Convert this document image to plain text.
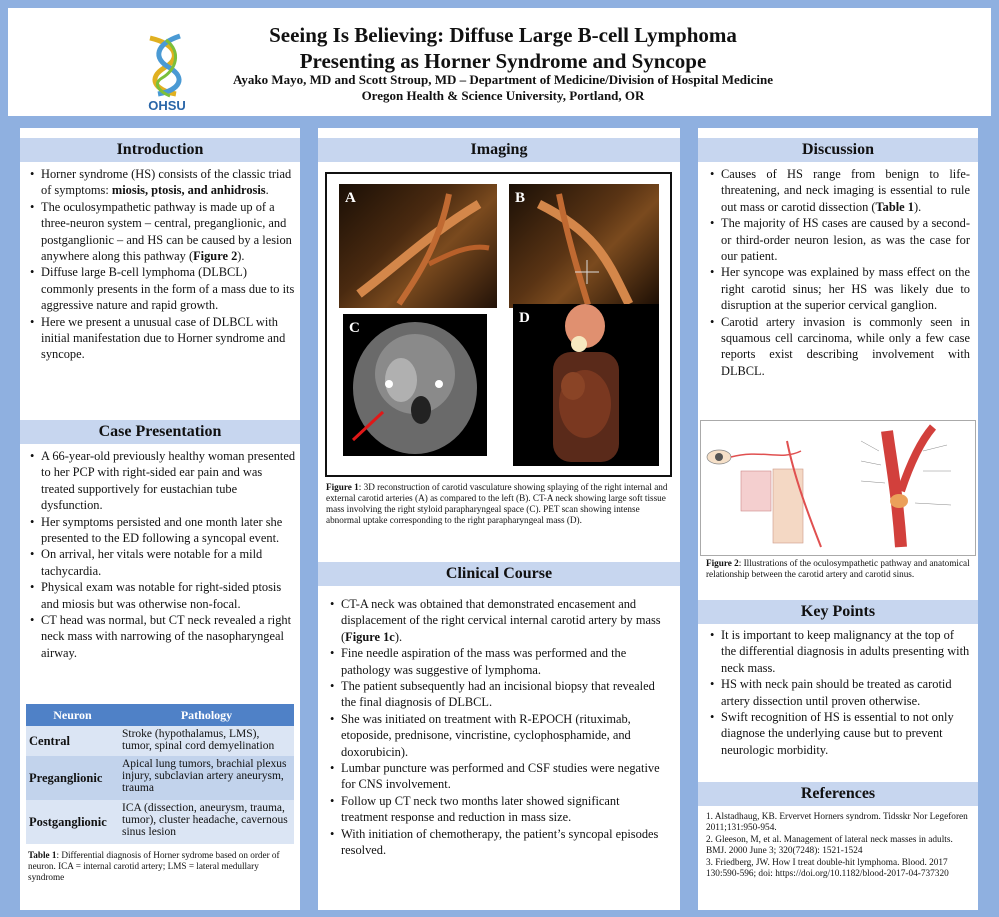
OHSU
Seeing Is Believing: Diffuse Large B-cell Lymphoma
Presenting as Horner Syndrome and Syncope
Ayako Mayo, MD and Scott Stroup, MD – Department of Medicine/Division of Hospital Medicine
Oregon Health & Science University, Portland, OR
Introduction
• Horner syndrome (HS) consists of the classic triad of symptoms: miosis, ptosis, and anhidrosis.
• The oculosympathetic pathway is made up of a three-neuron system – central, preganglionic, and postganglionic – and HS can be caused by a lesion anywhere along this pathway (Figure 2).
• Diffuse large B-cell lymphoma (DLBCL) commonly presents in the form of a mass due to its aggressive nature and rapid growth.
• Here we present a unusual case of DLBCL with initial manifestation due to Horner syndrome and syncope.
Case Presentation
• A 66-year-old previously healthy woman presented to her PCP with right-sided ear pain and was treated supportively for eustachian tube dysfunction.
• Her symptoms persisted and one month later she presented to the ED following a syncopal event.
• On arrival, her vitals were notable for a mild tachycardia.
• Physical exam was notable for right-sided ptosis and miosis but was otherwise non-focal.
• CT head was normal, but CT neck revealed a right neck mass with narrowing of the nasopharyngeal airway.
Neuron	Pathology
Central	Stroke (hypothalamus, LMS), tumor, spinal cord demyelination
Preganglionic	Apical lung tumors, brachial plexus injury, subclavian artery aneurysm, trauma
Postganglionic	ICA (dissection, aneurysm, trauma, tumor), cluster headache, cavernous sinus lesion
Table 1: Differential diagnosis of Horner sydrome based on order of neuron. ICA = internal carotid artery; LMS = lateral medullary syndrome
Imaging
A	B
C
D
Figure 1: 3D reconstruction of carotid vasculature showing splaying of the right internal and external carotid arteries (A) as compared to the left (B). CT-A neck showing large soft tissue mass involving the right styloid parapharyngeal space (C). PET scan showing intense abnormal uptake corresponding to the right parapharyngeal mass (D).
Clinical Course
• CT-A neck was obtained that demonstrated encasement and displacement of the right cervical internal carotid artery by mass (Figure 1c).
• Fine needle aspiration of the mass was performed and the pathology was suggestive of lymphoma.
• The patient subsequently had an incisional biopsy that revealed the final diagnosis of DLBCL.
• She was initiated on treatment with R-EPOCH (rituximab, etoposide, prednisone, vincristine, cyclophosphamide, and doxorubicin).
• Lumbar puncture was performed and CSF studies were negative for CNS involvement.
• Follow up CT neck two months later showed significant treatment response and reduction in mass size.
• With initiation of chemotherapy, the patient’s syncopal episodes resolved.
Discussion
• Causes of HS range from benign to life-threatening, and neck imaging is essential to rule out mass or carotid dissection (Table 1).
• The majority of HS cases are caused by a second- or third-order neuron lesion, as was the case for our patient.
• Her syncope was explained by mass effect on the right carotid sinus; her HS was likely due to disruption at the superior cervical ganglion.
• Carotid artery invasion is commonly seen in squamous cell carcinoma, while only a few case reports exist describing involvement with DLBCL.
Figure 2: Illustrations of the oculosympathetic pathway and anatomical relationship between the carotid artery and carotid sinus.
Key Points
• It is important to keep malignancy at the top of the differential diagnosis in adults presenting with neck mass.
• HS with neck pain should be treated as carotid artery dissection until proven otherwise.
• Swift recognition of HS is essential to not only diagnose the underlying cause but to prevent neurologic morbidity.
References
1. Alstadhaug, KB. Ervervet Horners syndrom. Tidsskr Nor Legeforen 2011;131:950-954.
2. Gleeson, M, et al. Management of lateral neck masses in adults. BMJ. 2000 June 3; 320(7248): 1521-1524
3. Friedberg, JW. How I treat double-hit lymphoma. Blood. 2017 130:590-596; doi: https://doi.org/10.1182/blood-2017-04-737320
